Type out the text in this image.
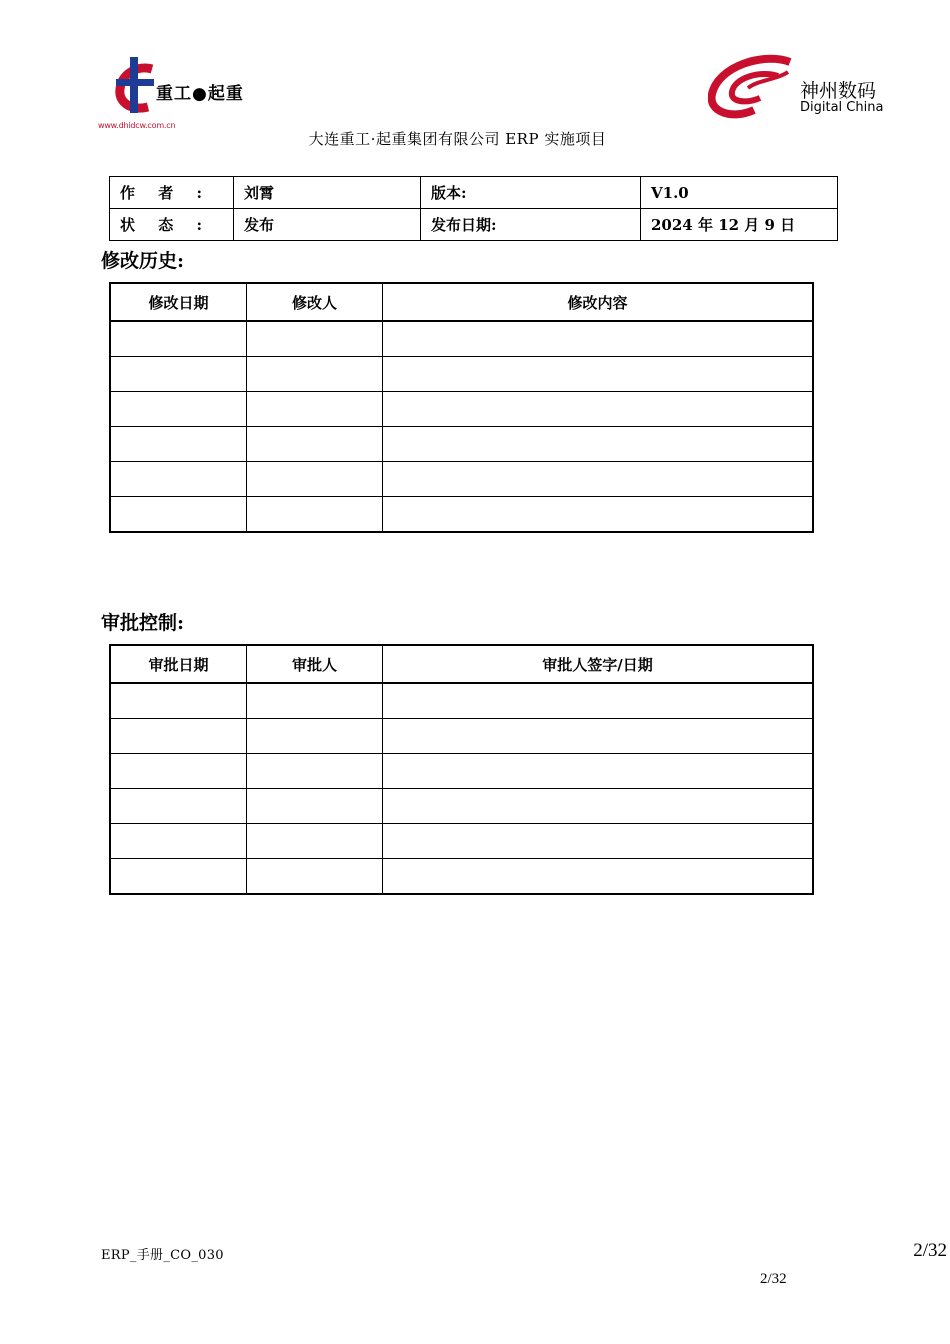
重工●起重
www.dhidcw.com.cn
神州数码
Digital China
大连重工·起重集团有限公司 ERP 实施项目
作者:	刘霄	版本:	V1.0
状态:	发布	发布日期:	2024 年 12 月 9 日
修改历史:
修改日期	修改人	修改内容

审批控制:
审批日期	审批人	审批人签字/日期

ERP_手册_CO_030	2/32
2/32
